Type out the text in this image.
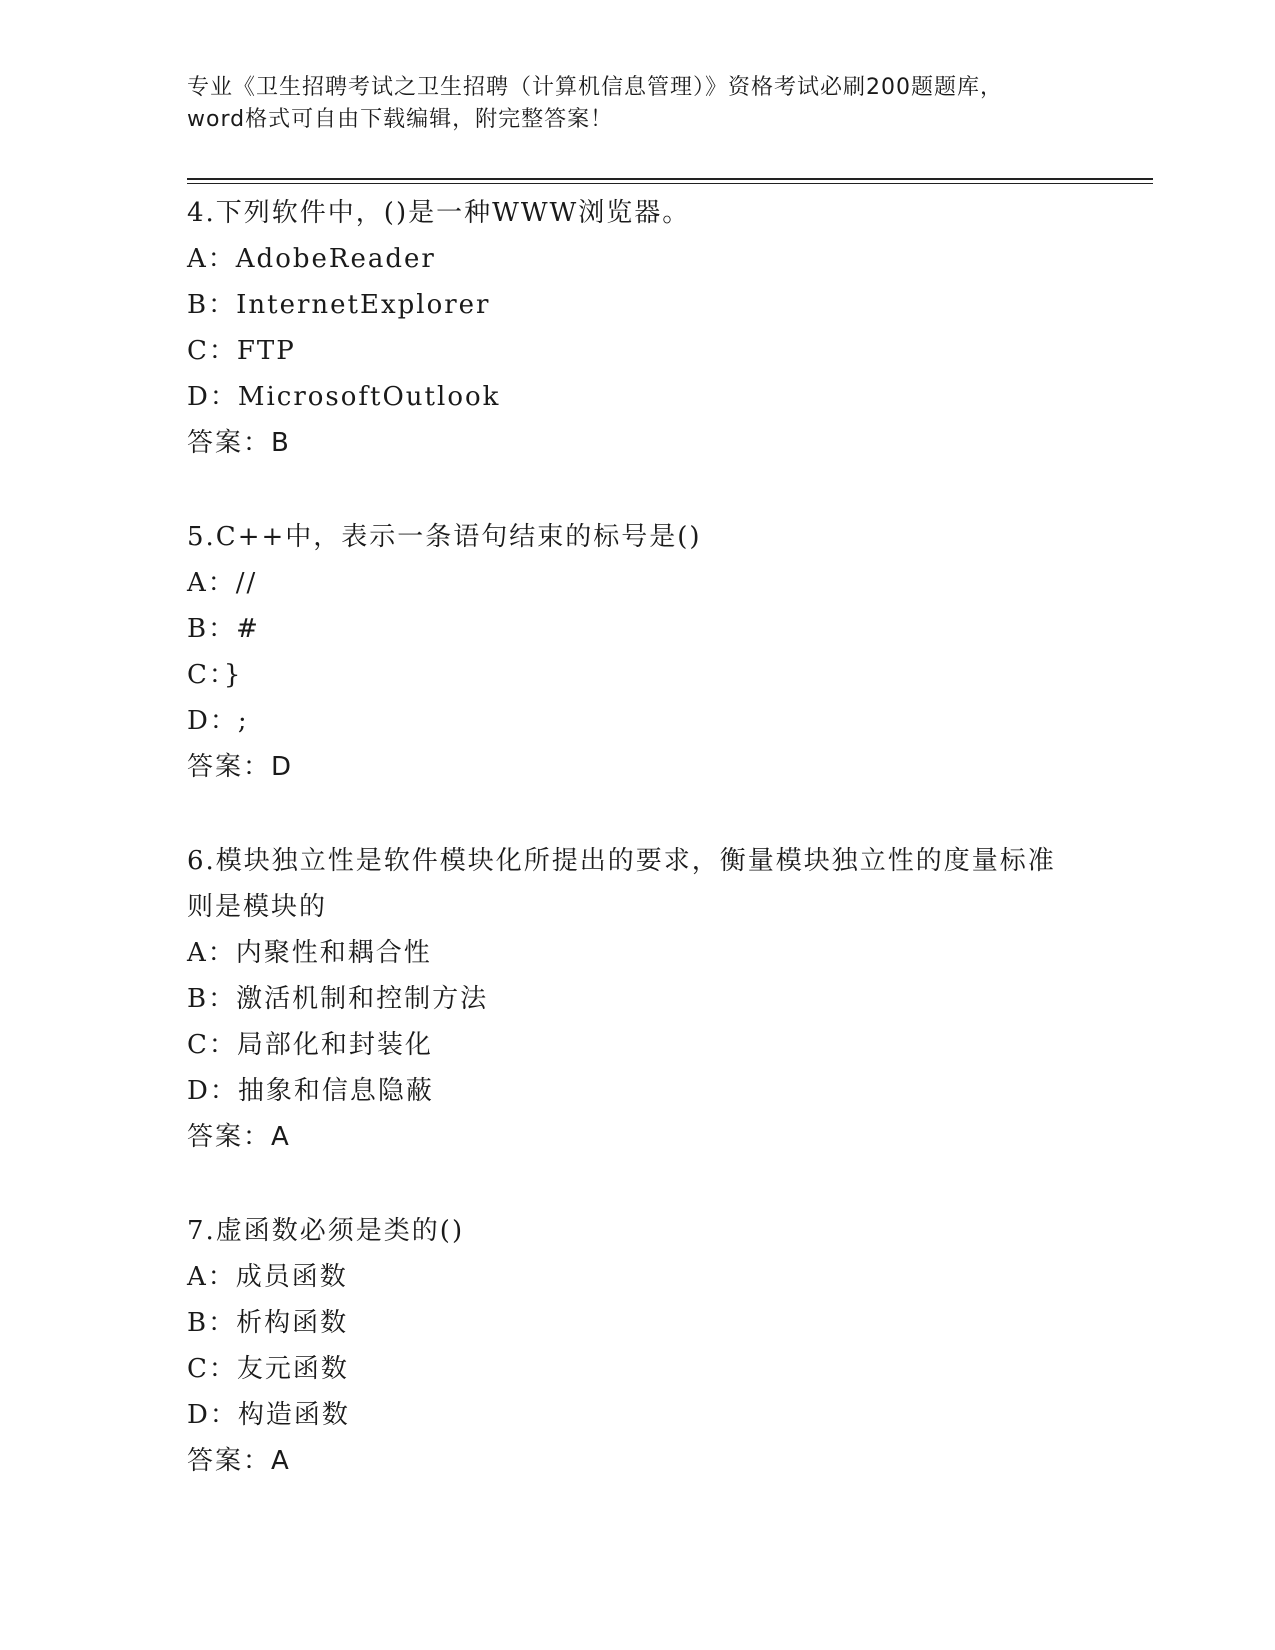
专业《卫生招聘考试之卫生招聘（计算机信息管理）》资格考试必刷200题题库，
word格式可自由下载编辑，附完整答案！
4.下列软件中，()是一种WWW浏览器。
A：AdobeReader
B：InternetExplorer
C：FTP
D：MicrosoftOutlook
答案：B
5.C++中，表示一条语句结束的标号是()
A：//
B：#
C：}
D：;
答案：D
6.模块独立性是软件模块化所提出的要求，衡量模块独立性的度量标准则是模块的
A：内聚性和耦合性
B：激活机制和控制方法
C：局部化和封装化
D：抽象和信息隐蔽
答案：A
7.虚函数必须是类的()
A：成员函数
B：析构函数
C：友元函数
D：构造函数
答案：A
